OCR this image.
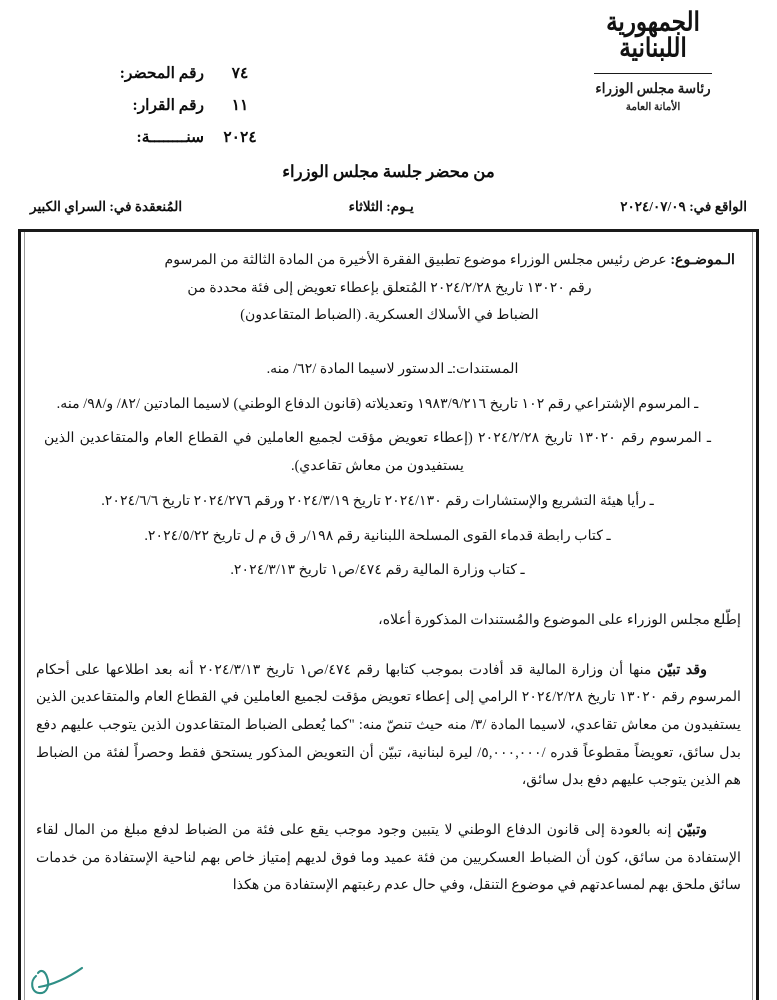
الجمهورية
اللبنانية
رئاسة مجلس الوزراء
الأمانة العامة
٧٤
رقم المحضر:
١١
رقم القرار:
٢٠٢٤
سنــــــــة:
من محضر جلسة مجلس الوزراء
المُنعقدة في: السراي الكبير	يـوم: الثلاثاء	الواقع في: ٢٠٢٤/٠٧/٠٩

الـموضـوع: عرض رئيس مجلس الوزراء موضوع تطبيق الفقرة الأخيرة من المادة الثالثة من المرسوم

رقم ١٣٠٢٠ تاريخ ٢٠٢٤/٢/٢٨ المُتعلق بإعطاء تعويض إلى فئة محددة من

الضباط في الأسلاك العسكرية. (الضباط المتقاعدون)

المستندات:ـ الدستور لاسيما المادة /٦٢/ منه.
ـ المرسوم الإشتراعي رقم ١٠٢ تاريخ ١٩٨٣/٩/٢١٦ وتعديلاته (قانون الدفاع الوطني) لاسيما المادتين /٨٢/ و/٩٨/ منه.
ـ المرسوم رقم ١٣٠٢٠ تاريخ ٢٠٢٤/٢/٢٨ (إعطاء تعويض مؤقت لجميع العاملين في القطاع العام والمتقاعدين الذين يستفيدون من معاش تقاعدي).
ـ رأيا هيئة التشريع والإستشارات رقم ٢٠٢٤/١٣٠ تاريخ ٢٠٢٤/٣/١٩ ورقم ٢٠٢٤/٢٧٦ تاريخ ٢٠٢٤/٦/٦.
ـ كتاب رابطة قدماء القوى المسلحة اللبنانية رقم ١٩٨/ر ق ق م ل تاريخ ٢٠٢٤/٥/٢٢.
ـ كتاب وزارة المالية رقم ٤٧٤/ص١ تاريخ ٢٠٢٤/٣/١٣.
إطّلع مجلس الوزراء على الموضوع والمُستندات المذكورة أعلاه،
وقد تبيّن منها أن وزارة المالية قد أفادت بموجب كتابها رقم ٤٧٤/ص١ تاريخ ٢٠٢٤/٣/١٣ أنه بعد اطلاعها على أحكام المرسوم رقم ١٣٠٢٠ تاريخ ٢٠٢٤/٢/٢٨ الرامي إلى إعطاء تعويض مؤقت لجميع العاملين في القطاع العام والمتقاعدين الذين يستفيدون من معاش تقاعدي، لاسيما المادة /٣/ منه حيث تنصّ منه: "كما يُعطى الضباط المتقاعدون الذين يتوجب عليهم دفع بدل سائق، تعويضاً مقطوعاً قدره /٥,٠٠٠,٠٠٠/ ليرة لبنانية، تبيّن أن التعويض المذكور يستحق فقط وحصراً لفئة من الضباط هم الذين يتوجب عليهم دفع بدل سائق،
وتبيّن إنه بالعودة إلى قانون الدفاع الوطني لا يتبين وجود موجب يقع على فئة من الضباط لدفع مبلغ من المال لقاء الإستفادة من سائق، كون أن الضباط العسكريين من فئة عميد وما فوق لديهم إمتياز خاص بهم لناحية الإستفادة من خدمات سائق ملحق بهم لمساعدتهم في موضوع التنقل، وفي حال عدم رغبتهم الإستفادة من هكذا
